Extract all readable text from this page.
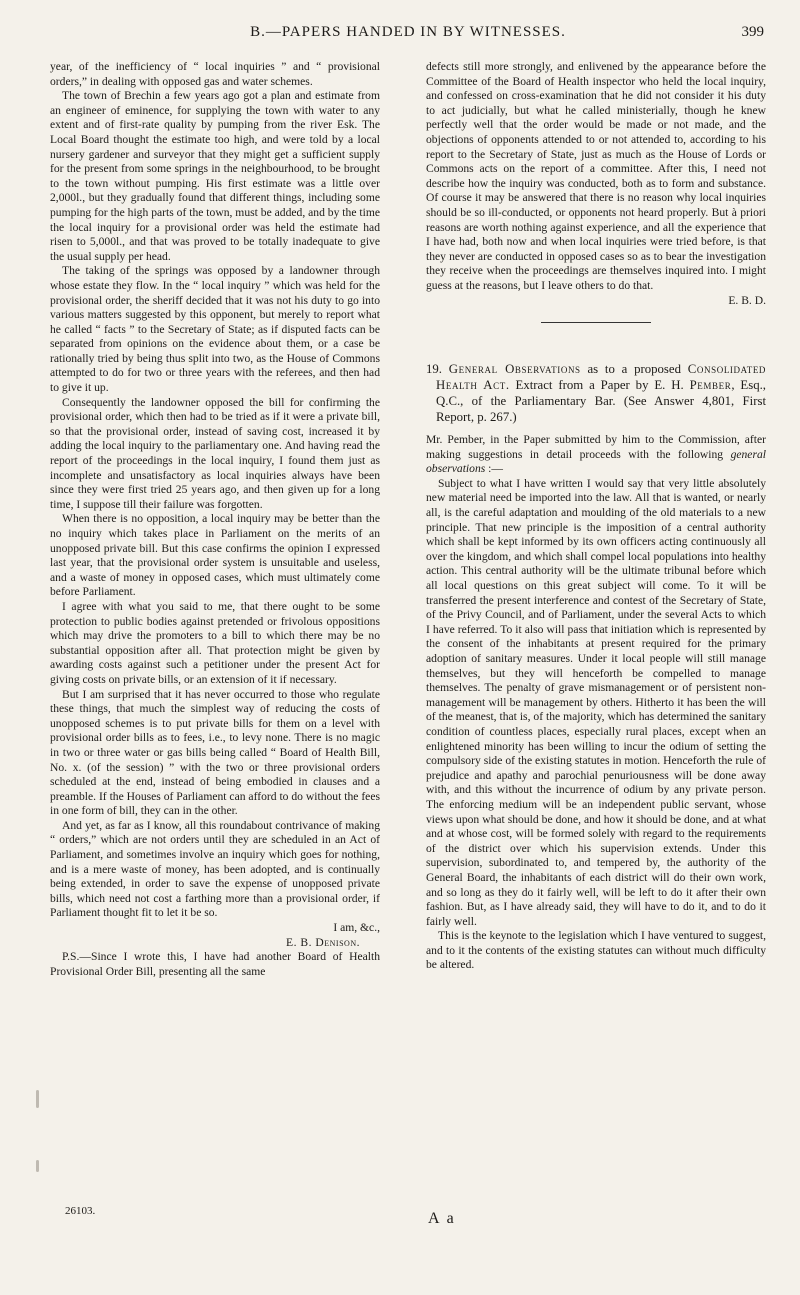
B.—PAPERS HANDED IN BY WITNESSES.	399

year, of the inefficiency of “ local inquiries ” and “ provisional orders,” in dealing with opposed gas and water schemes.

The town of Brechin a few years ago got a plan and estimate from an engineer of eminence, for supplying the town with water to any extent and of first-rate quality by pumping from the river Esk. The Local Board thought the estimate too high, and were told by a local nursery gardener and surveyor that they might get a sufficient supply for the present from some springs in the neighbourhood, to be brought to the town without pumping. His first estimate was a little over 2,000l., but they gradually found that different things, including some pumping for the high parts of the town, must be added, and by the time the local inquiry for a provisional order was held the estimate had risen to 5,000l., and that was proved to be totally inadequate to give the usual supply per head.

The taking of the springs was opposed by a landowner through whose estate they flow. In the “ local inquiry ” which was held for the provisional order, the sheriff decided that it was not his duty to go into various matters suggested by this opponent, but merely to report what he called “ facts ” to the Secretary of State; as if disputed facts can be separated from opinions on the evidence about them, or a case be rationally tried by being thus split into two, as the House of Commons attempted to do for two or three years with the referees, and then had to give it up.

Consequently the landowner opposed the bill for confirming the provisional order, which then had to be tried as if it were a private bill, so that the provisional order, instead of saving cost, increased it by adding the local inquiry to the parliamentary one. And having read the report of the proceedings in the local inquiry, I found them just as incomplete and unsatisfactory as local inquiries always have been since they were first tried 25 years ago, and then given up for a long time, I suppose till their failure was forgotten.

When there is no opposition, a local inquiry may be better than the no inquiry which takes place in Parliament on the merits of an unopposed private bill. But this case confirms the opinion I expressed last year, that the provisional order system is unsuitable and useless, and a waste of money in opposed cases, which must ultimately come before Parliament.

I agree with what you said to me, that there ought to be some protection to public bodies against pretended or frivolous oppositions which may drive the promoters to a bill to which there may be no substantial opposition after all. That protection might be given by awarding costs against such a petitioner under the present Act for giving costs on private bills, or an extension of it if necessary.

But I am surprised that it has never occurred to those who regulate these things, that much the simplest way of reducing the costs of unopposed schemes is to put private bills for them on a level with provisional order bills as to fees, i.e., to levy none. There is no magic in two or three water or gas bills being called “ Board of Health Bill, No. x. (of the session) ” with the two or three provisional orders scheduled at the end, instead of being embodied in clauses and a preamble. If the Houses of Parliament can afford to do without the fees in one form of bill, they can in the other.

And yet, as far as I know, all this roundabout contrivance of making “ orders,” which are not orders until they are scheduled in an Act of Parliament, and sometimes involve an inquiry which goes for nothing, and is a mere waste of money, has been adopted, and is continually being extended, in order to save the expense of unopposed private bills, which need not cost a farthing more than a provisional order, if Parliament thought fit to let it be so.

I am, &c.,

E. B. Denison.

P.S.—Since I wrote this, I have had another Board of Health Provisional Order Bill, presenting all the same

defects still more strongly, and enlivened by the appearance before the Committee of the Board of Health inspector who held the local inquiry, and confessed on cross-examination that he did not consider it his duty to act judicially, but what he called ministerially, though he knew perfectly well that the order would be made or not made, and the objections of opponents attended to or not attended to, according to his report to the Secretary of State, just as much as the House of Lords or Commons acts on the report of a committee. After this, I need not describe how the inquiry was conducted, both as to form and substance. Of course it may be answered that there is no reason why local inquiries should be so ill-conducted, or opponents not heard properly. But à priori reasons are worth nothing against experience, and all the experience that I have had, both now and when local inquiries were tried before, is that they never are conducted in opposed cases so as to bear the investigation they receive when the proceedings are themselves inquired into. I might guess at the reasons, but I leave others to do that.

E. B. D.

19. General Observations as to a proposed Consolidated Health Act. Extract from a Paper by E. H. Pember, Esq., Q.C., of the Parliamentary Bar. (See Answer 4,801, First Report, p. 267.)

Mr. Pember, in the Paper submitted by him to the Commission, after making suggestions in detail proceeds with the following general observations :—

Subject to what I have written I would say that very little absolutely new material need be imported into the law. All that is wanted, or nearly all, is the careful adaptation and moulding of the old materials to a new principle. That new principle is the imposition of a central authority which shall be kept informed by its own officers acting continuously all over the kingdom, and which shall compel local populations into healthy action. This central authority will be the ultimate tribunal before which all local questions on this great subject will come. To it will be transferred the present interference and contest of the Secretary of State, of the Privy Council, and of Parliament, under the several Acts to which I have referred. To it also will pass that initiation which is represented by the consent of the inhabitants at present required for the primary adoption of sanitary measures. Under it local people will still manage themselves, but they will henceforth be compelled to manage themselves. The penalty of grave mismanagement or of persistent non-management will be management by others. Hitherto it has been the will of the meanest, that is, of the majority, which has determined the sanitary condition of countless places, especially rural places, except when an enlightened minority has been willing to incur the odium of setting the compulsory side of the existing statutes in motion. Henceforth the rule of prejudice and apathy and parochial penuriousness will be done away with, and this without the incurrence of odium by any private person. The enforcing medium will be an independent public servant, whose views upon what should be done, and how it should be done, and at what and at whose cost, will be formed solely with regard to the requirements of the district over which his supervision extends. Under this supervision, subordinated to, and tempered by, the authority of the General Board, the inhabitants of each district will do their own work, and so long as they do it fairly well, will be left to do it after their own fashion. But, as I have already said, they will have to do it, and to do it fairly well.

This is the keynote to the legislation which I have ventured to suggest, and to it the contents of the existing statutes can without much difficulty be altered.

26103.	A a
